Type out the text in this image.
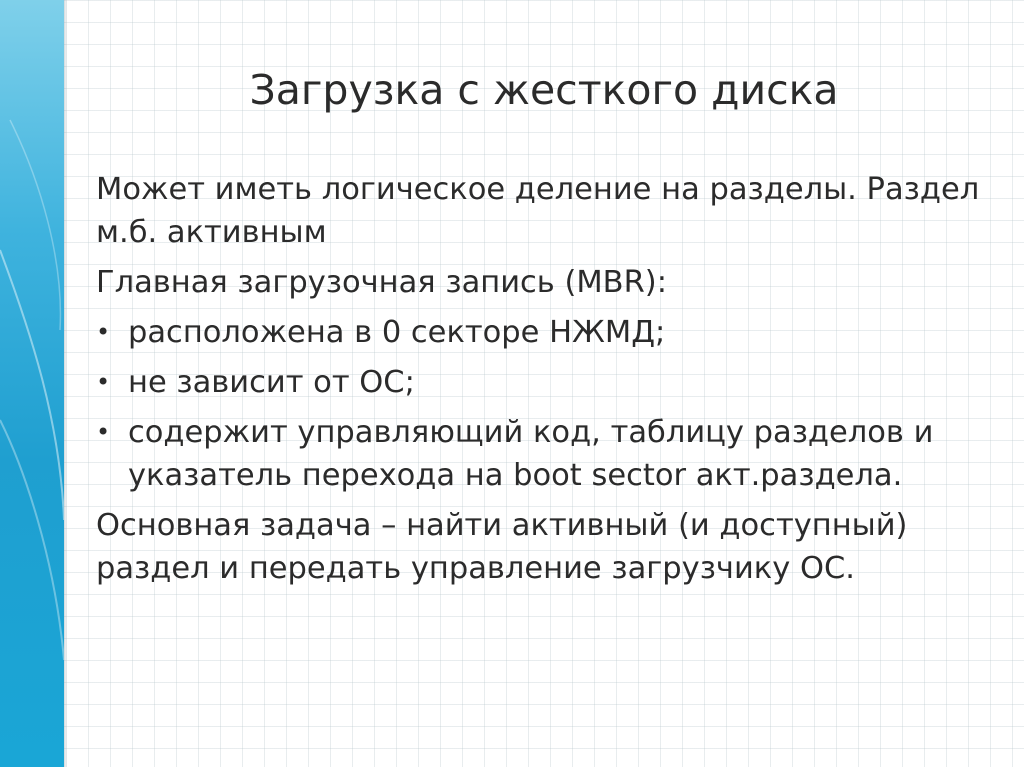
Загрузка с жесткого диска

Может иметь логическое деление на разделы. Раздел м.б. активным

Главная загрузочная запись (MBR):

• расположена в 0 секторе НЖМД;
• не зависит от ОС;
• содержит управляющий код, таблицу разделов и указатель перехода на boot sector акт.раздела.

Основная задача – найти активный (и доступный) раздел и передать управление загрузчику ОС.
